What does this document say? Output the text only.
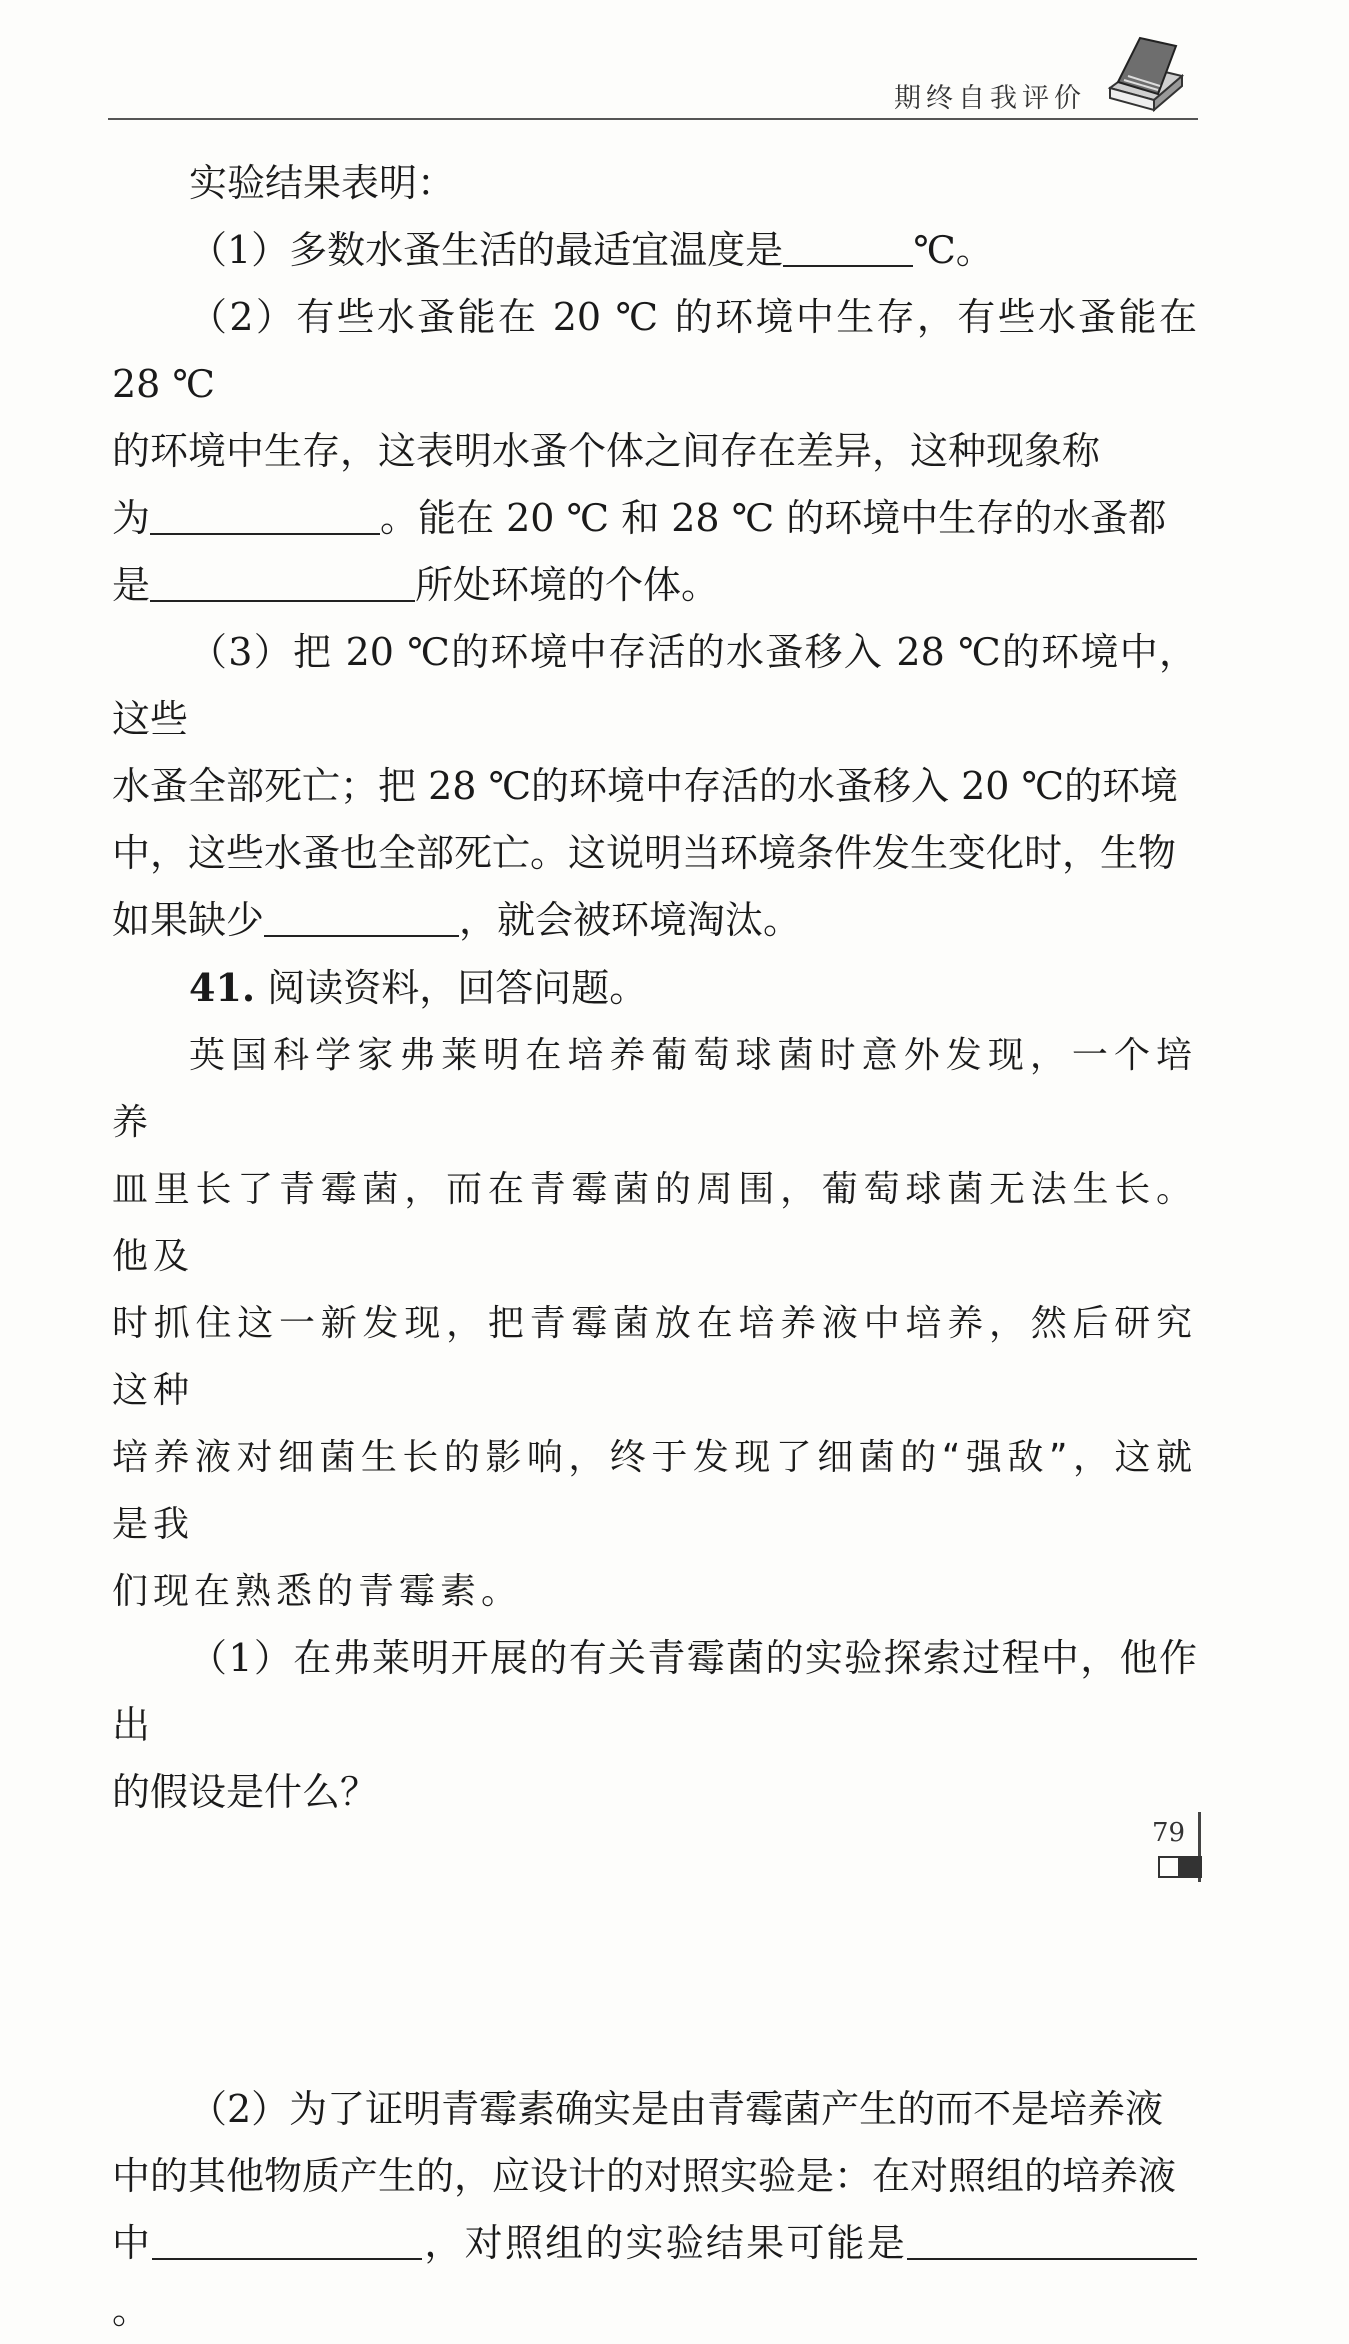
期终自我评价

实验结果表明：

（1）多数水蚤生活的最适宜温度是	℃。

（2）有些水蚤能在 20 ℃ 的环境中生存，有些水蚤能在 28 ℃

的环境中生存，这表明水蚤个体之间存在差异，这种现象称

为	。能在 20 ℃ 和 28 ℃ 的环境中生存的水蚤都

是	所处环境的个体。

（3）把 20 ℃的环境中存活的水蚤移入 28 ℃的环境中，这些

水蚤全部死亡；把 28 ℃的环境中存活的水蚤移入 20 ℃的环境

中，这些水蚤也全部死亡。这说明当环境条件发生变化时，生物

如果缺少	，就会被环境淘汰。

41. 阅读资料，回答问题。

英国科学家弗莱明在培养葡萄球菌时意外发现，一个培养

皿里长了青霉菌，而在青霉菌的周围，葡萄球菌无法生长。他及

时抓住这一新发现，把青霉菌放在培养液中培养，然后研究这种

培养液对细菌生长的影响，终于发现了细菌的“强敌”，这就是我

们现在熟悉的青霉素。

（1）在弗莱明开展的有关青霉菌的实验探索过程中，他作出

的假设是什么？

（2）为了证明青霉素确实是由青霉菌产生的而不是培养液

中的其他物质产生的，应设计的对照实验是：在对照组的培养液

中	，对照组的实验结果可能是。

79
